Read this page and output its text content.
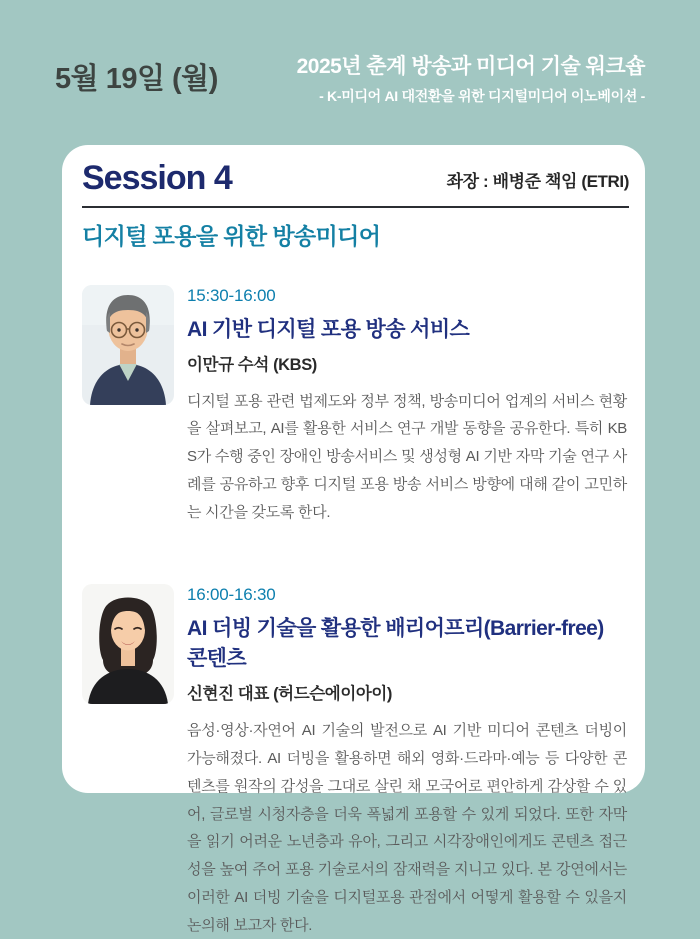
5월 19일 (월)	2025년 춘계 방송과 미디어 기술 워크숍
- K-미디어 AI 대전환을 위한 디지털미디어 이노베이션 -
Session 4	좌장 : 배병준 책임 (ETRI)
디지털 포용을 위한 방송미디어
15:30-16:00
AI 기반 디지털 포용 방송 서비스
이만규 수석 (KBS)
디지털 포용 관련 법제도와 정부 정책, 방송미디어 업계의 서비스 현황을 살펴보고, AI를 활용한 서비스 연구 개발 동향을 공유한다. 특히 KBS가 수행 중인 장애인 방송서비스 및 생성형 AI 기반 자막 기술 연구 사례를 공유하고 향후 디지털 포용 방송 서비스 방향에 대해 같이 고민하는 시간을 갖도록 한다.
16:00-16:30
AI 더빙 기술을 활용한 배리어프리(Barrier-free) 콘텐츠
신현진 대표 (허드슨에이아이)
음성·영상·자연어 AI 기술의 발전으로 AI 기반 미디어 콘텐츠 더빙이 가능해졌다. AI 더빙을 활용하면 해외 영화·드라마·예능 등 다양한 콘텐츠를 원작의 감성을 그대로 살린 채 모국어로 편안하게 감상할 수 있어, 글로벌 시청자층을 더욱 폭넓게 포용할 수 있게 되었다. 또한 자막을 읽기 어려운 노년층과 유아, 그리고 시각장애인에게도 콘텐츠 접근성을 높여 주어 포용 기술로서의 잠재력을 지니고 있다. 본 강연에서는 이러한 AI 더빙 기술을 디지털포용 관점에서 어떻게 활용할 수 있을지 논의해 보고자 한다.
